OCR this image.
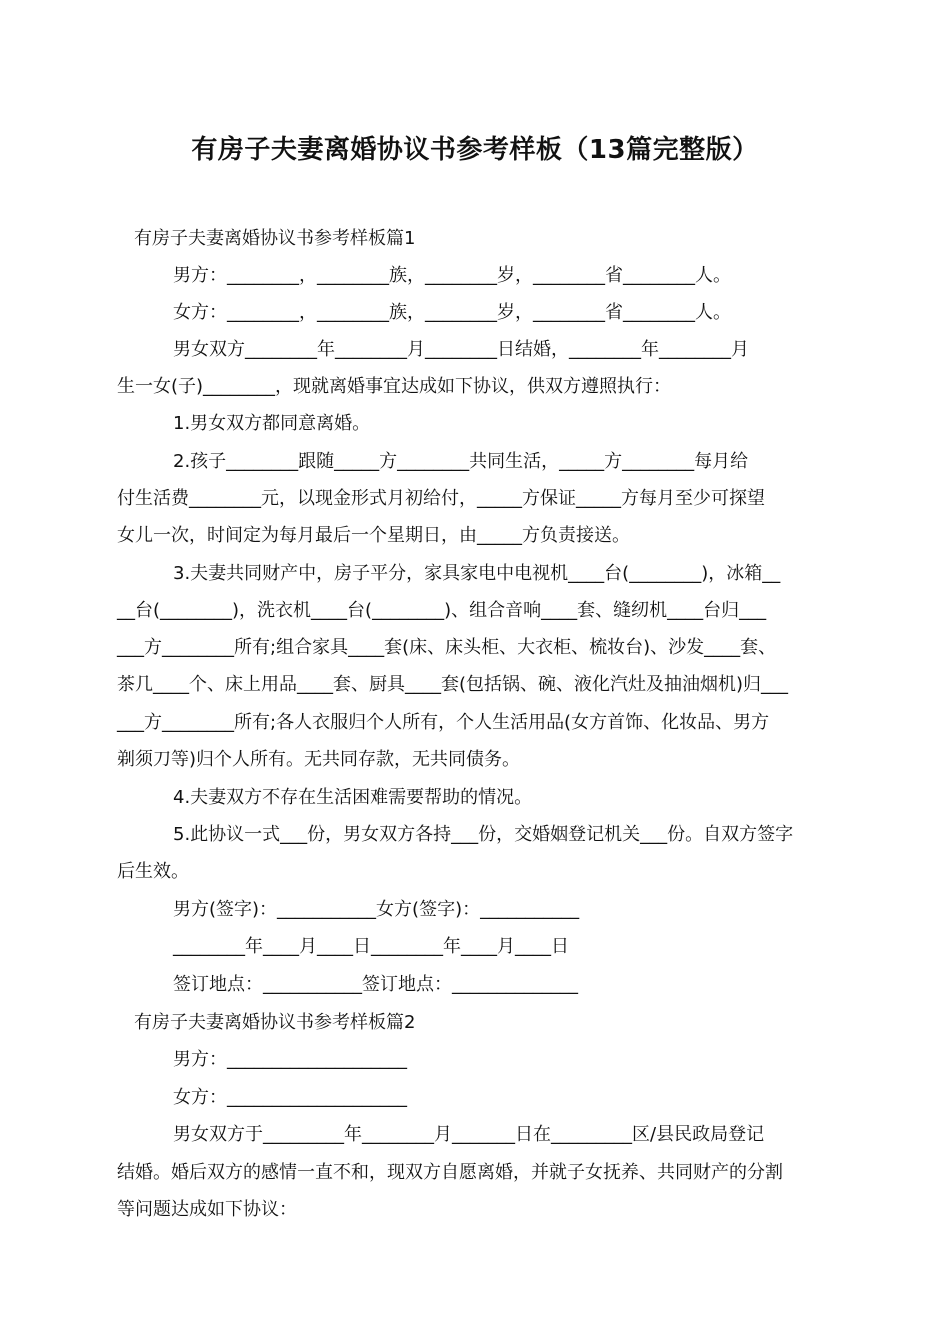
有房子夫妻离婚协议书参考样板（13篇完整版）
有房子夫妻离婚协议书参考样板篇1
男方：________，________族，________岁，________省________人。
女方：________，________族，________岁，________省________人。
男女双方________年________月________日结婚，________年________月
生一女(子)________，现就离婚事宜达成如下协议，供双方遵照执行：
1.男女双方都同意离婚。
2.孩子________跟随_____方________共同生活，_____方________每月给
付生活费________元，以现金形式月初给付，_____方保证_____方每月至少可探望
女儿一次，时间定为每月最后一个星期日，由_____方负责接送。
3.夫妻共同财产中，房子平分，家具家电中电视机____台(________)，冰箱__
__台(________)，洗衣机____台(________)、组合音响____套、缝纫机____台归___
___方________所有;组合家具____套(床、床头柜、大衣柜、梳妆台)、沙发____套、
茶几____个、床上用品____套、厨具____套(包括锅、碗、液化汽灶及抽油烟机)归___
___方________所有;各人衣服归个人所有，个人生活用品(女方首饰、化妆品、男方
剃须刀等)归个人所有。无共同存款，无共同债务。
4.夫妻双方不存在生活困难需要帮助的情况。
5.此协议一式___份，男女双方各持___份，交婚姻登记机关___份。自双方签字
后生效。
男方(签字)：___________女方(签字)：___________
________年____月____日________年____月____日
签订地点：___________签订地点：______________
有房子夫妻离婚协议书参考样板篇2
男方：____________________
女方：____________________
男女双方于_________年________月_______日在_________区/县民政局登记
结婚。婚后双方的感情一直不和，现双方自愿离婚，并就子女抚养、共同财产的分割
等问题达成如下协议：
